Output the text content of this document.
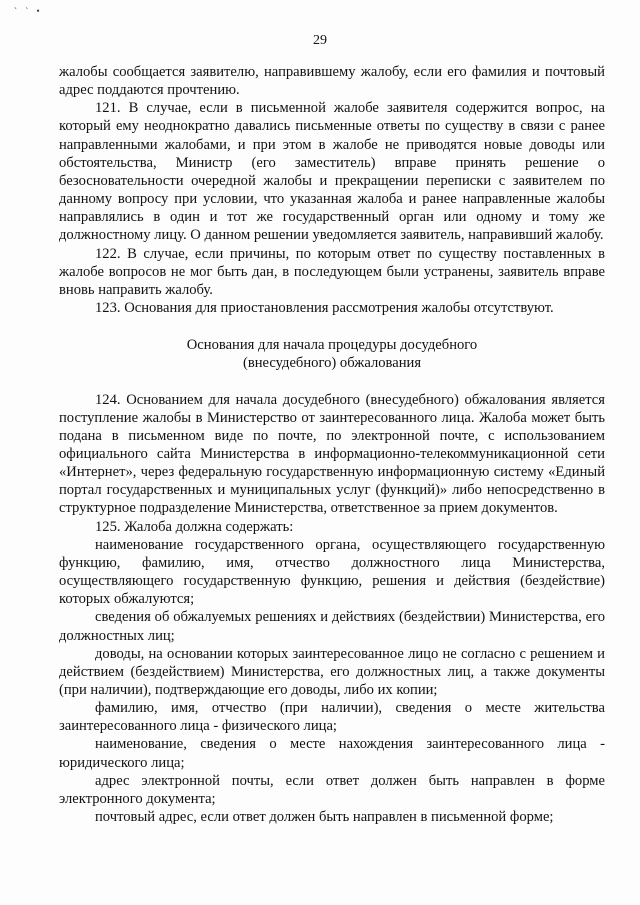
` ` •
29

жалобы сообщается заявителю, направившему жалобу, если его фамилия и почтовый адрес поддаются прочтению.

121. В случае, если в письменной жалобе заявителя содержится вопрос, на который ему неоднократно давались письменные ответы по существу в связи с ранее направленными жалобами, и при этом в жалобе не приводятся новые доводы или обстоятельства, Министр (его заместитель) вправе принять решение о безосновательности очередной жалобы и прекращении переписки с заявителем по данному вопросу при условии, что указанная жалоба и ранее направленные жалобы направлялись в один и тот же государственный орган или одному и тому же должностному лицу. О данном решении уведомляется заявитель, направивший жалобу.

122. В случае, если причины, по которым ответ по существу поставленных в жалобе вопросов не мог быть дан, в последующем были устранены, заявитель вправе вновь направить жалобу.

123. Основания для приостановления рассмотрения жалобы отсутствуют.

Основания для начала процедуры досудебного
(внесудебного) обжалования

124. Основанием для начала досудебного (внесудебного) обжалования является поступление жалобы в Министерство от заинтересованного лица. Жалоба может быть подана в письменном виде по почте, по электронной почте, с использованием официального сайта Министерства в информационно-телекоммуникационной сети «Интернет», через федеральную государственную информационную систему «Единый портал государственных и муниципальных услуг (функций)» либо непосредственно в структурное подразделение Министерства, ответственное за прием документов.

125. Жалоба должна содержать:

наименование государственного органа, осуществляющего государственную функцию, фамилию, имя, отчество должностного лица Министерства, осуществляющего государственную функцию, решения и действия (бездействие) которых обжалуются;

сведения об обжалуемых решениях и действиях (бездействии) Министерства, его должностных лиц;

доводы, на основании которых заинтересованное лицо не согласно с решением и действием (бездействием) Министерства, его должностных лиц, а также документы (при наличии), подтверждающие его доводы, либо их копии;

фамилию, имя, отчество (при наличии), сведения о месте жительства заинтересованного лица - физического лица;

наименование, сведения о месте нахождения заинтересованного лица - юридического лица;

адрес электронной почты, если ответ должен быть направлен в форме электронного документа;

почтовый адрес, если ответ должен быть направлен в письменной форме;
